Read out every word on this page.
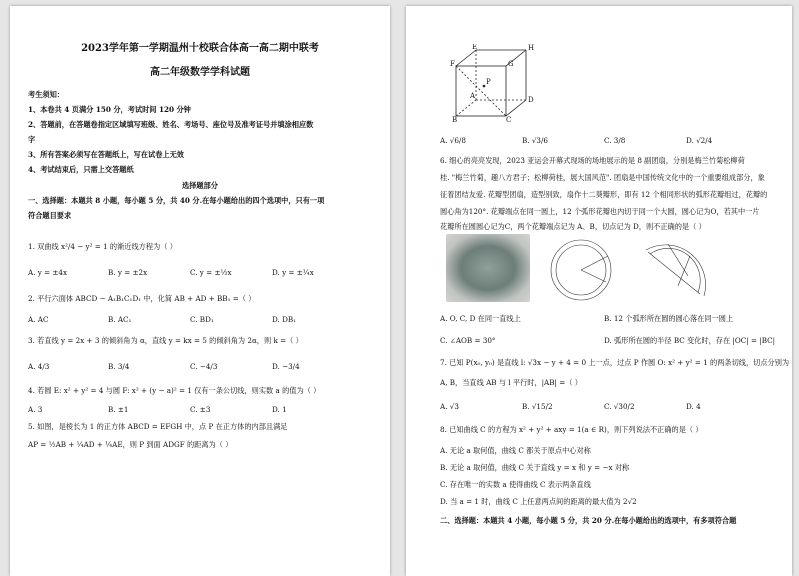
2023学年第一学期温州十校联合体高一高二期中联考
高二年级数学学科试题
考生须知：
1、本卷共 4 页满分 150 分，考试时间 120 分钟
2、答题前，在答题卷指定区域填写班级、姓名、考场号、座位号及准考证号并填涂相应数
字
3、所有答案必须写在答题纸上，写在试卷上无效
4、考试结束后，只需上交答题纸
选择题部分
一、选择题：本题共 8 小题，每小题 5 分，共 40 分.在每小题给出的四个选项中，只有一项
符合题目要求
1. 双曲线 x²/4 − y² = 1 的渐近线方程为（ ）
A. y = ±4x	B. y = ±2x	C. y = ±½x	D. y = ±¼x
2. 平行六面体 ABCD − A₁B₁C₁D₁ 中，化简 AB + AD + BB₁ =（ ）
A. AC	B. AC₁	C. BD₁	D. DB₁
3. 若直线 y = 2x + 3 的倾斜角为 α，直线 y = kx = 5 的倾斜角为 2α，则 k =（ ）
A. 4/3	B. 3/4	C. −4/3	D. −3/4
4. 若圆 E: x² + y² = 4 与圆 F: x² + (y − a)² = 1 仅有一条公切线，则实数 a 的值为（ ）
A. 3	B. ±1	C. ±3	D. 1
5. 如图，是棱长为 1 的正方体 ABCD = EFGH 中，点 P 在正方体的内部且满足
AP = ½AB + ¼AD + ¼AE，则 P 到面 ADGF 的距离为（ ）
E	H
F	G
P
A	D
B	C
A. √6/8	B. √3/6	C. 3/8	D. √2/4
6. 细心的亮亮发现，2023 亚运会开幕式现场的场地展示的是 8 副团扇，分别是梅兰竹菊松柳荷
桂. "梅兰竹菊，趣八方君子；松柳荷桂，展大国风范". 团扇是中国传统文化中的一个重要组成部分，象
征着团结友爱. 花瓣型团扇，造型别致，扇作十二葵瓣形，即有 12 个相同形状的弧形花瓣组过，花瓣的
圆心角为120°. 花瓣端点在同一圆上，12 个弧形花瓣也内切于同一个大圆，圆心记为O，若其中一片
花瓣所在圆圆心记为C，两个花瓣端点记为 A、B，切点记为 D，则不正确的是（ ）
A. O, C, D 在同一直线上	B. 12 个弧形所在圆的圆心落在同一圆上
C. ∠AOB = 30°	D. 弧形所在圆的半径 BC 变化时，存在 |OC| = |BC|
7. 已知 P(x₀, y₀) 是直线 l: √3x − y + 4 = 0 上一点，过点 P 作圆 O: x² + y² = 1 的两条切线，切点分别为
A, B，当直线 AB 与 l 平行时，|AB| =（ ）
A. √3	B. √15/2	C. √30/2	D. 4
8. 已知曲线 C 的方程为 x² + y² + axy = 1(a ∈ R)，则下列说法不正确的是（ ）
A. 无论 a 取何值，曲线 C 都关于原点中心对称
B. 无论 a 取何值，曲线 C 关于直线 y = x 和 y = −x 对称
C. 存在唯一的实数 a 使得曲线 C 表示两条直线
D. 当 a = 1 时，曲线 C 上任意两点间的距离的最大值为 2√2
二、选择题：本题共 4 小题，每小题 5 分，共 20 分.在每小题给出的选项中，有多项符合题
